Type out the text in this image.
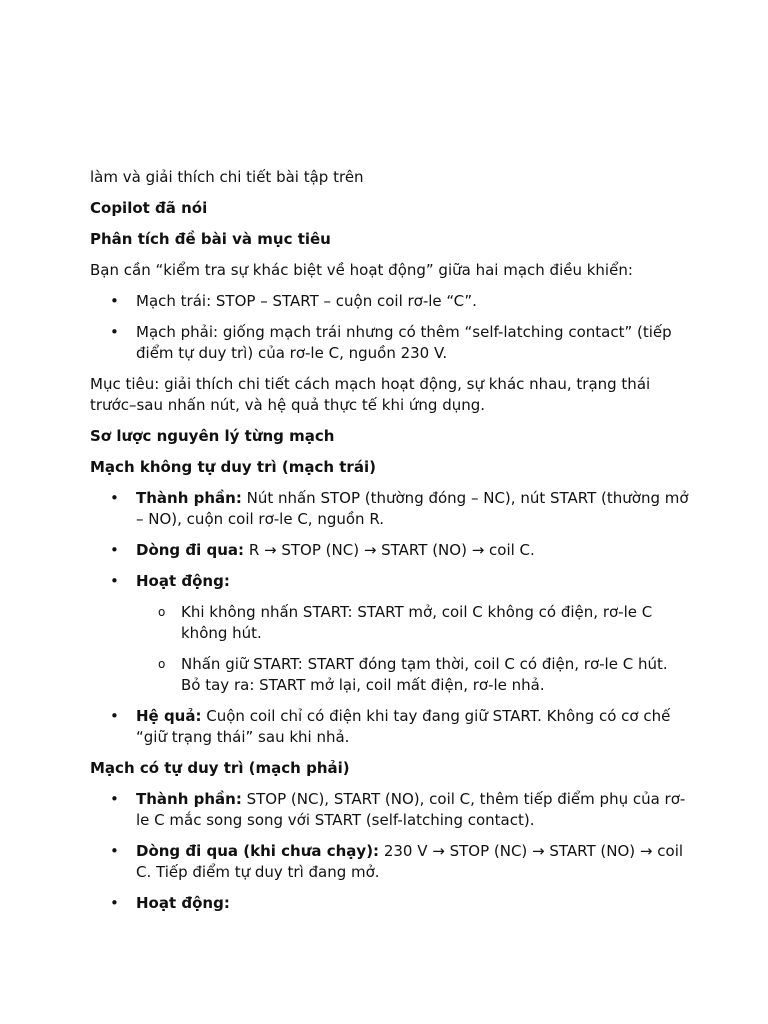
làm và giải thích chi tiết bài tập trên

Copilot đã nói

Phân tích đề bài và mục tiêu

Bạn cần “kiểm tra sự khác biệt về hoạt động” giữa hai mạch điều khiển:

• Mạch trái: STOP – START – cuộn coil rơ-le “C”.
• Mạch phải: giống mạch trái nhưng có thêm “self-latching contact” (tiếp điểm tự duy trì) của rơ-le C, nguồn 230 V.

Mục tiêu: giải thích chi tiết cách mạch hoạt động, sự khác nhau, trạng thái trước–sau nhấn nút, và hệ quả thực tế khi ứng dụng.

Sơ lược nguyên lý từng mạch

Mạch không tự duy trì (mạch trái)

• Thành phần: Nút nhấn STOP (thường đóng – NC), nút START (thường mở – NO), cuộn coil rơ-le C, nguồn R.
• Dòng đi qua: R → STOP (NC) → START (NO) → coil C.
• Hoạt động:
o Khi không nhấn START: START mở, coil C không có điện, rơ-le C không hút.
o Nhấn giữ START: START đóng tạm thời, coil C có điện, rơ-le C hút. Bỏ tay ra: START mở lại, coil mất điện, rơ-le nhả.
• Hệ quả: Cuộn coil chỉ có điện khi tay đang giữ START. Không có cơ chế “giữ trạng thái” sau khi nhả.

Mạch có tự duy trì (mạch phải)

• Thành phần: STOP (NC), START (NO), coil C, thêm tiếp điểm phụ của rơ-le C mắc song song với START (self-latching contact).
• Dòng đi qua (khi chưa chạy): 230 V → STOP (NC) → START (NO) → coil C. Tiếp điểm tự duy trì đang mở.
• Hoạt động:
